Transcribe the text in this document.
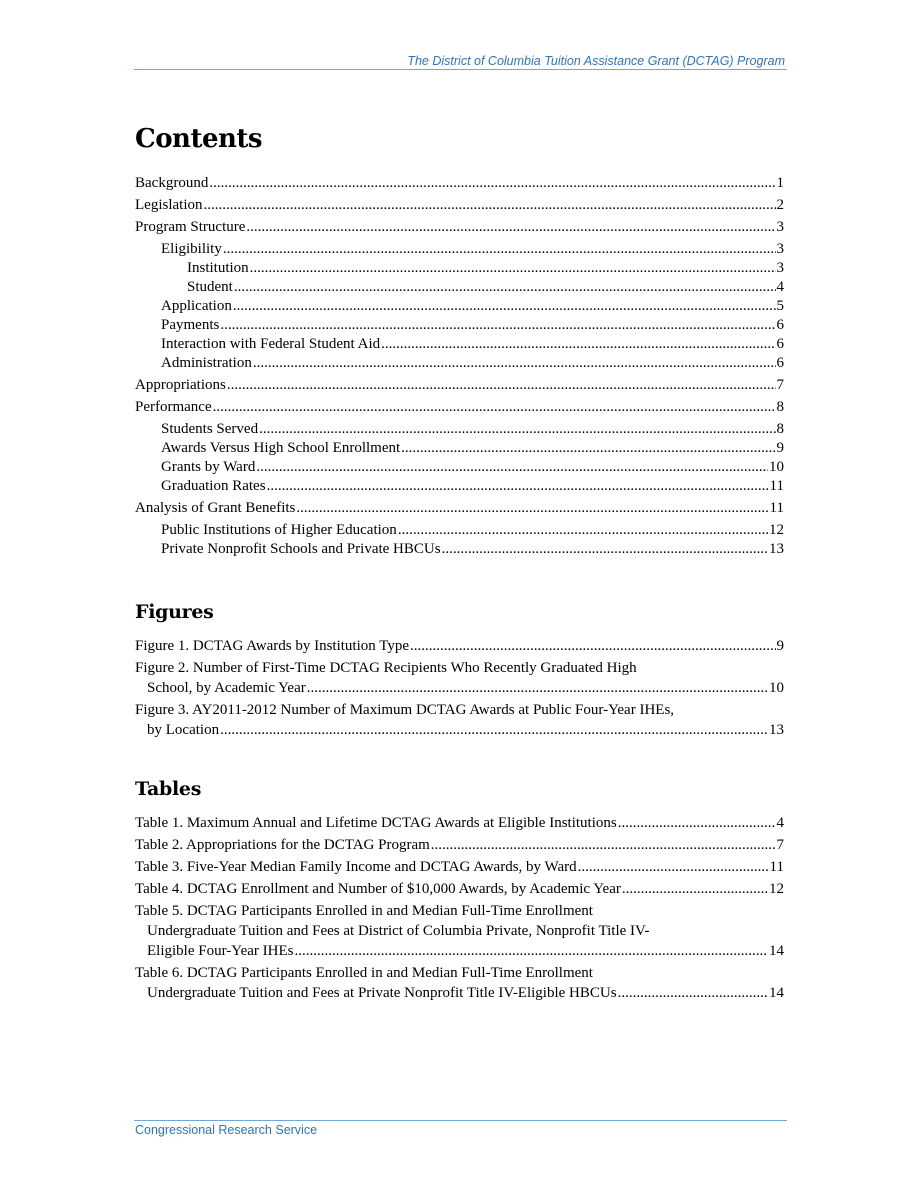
The District of Columbia Tuition Assistance Grant (DCTAG) Program
Contents
Background .....	1
Legislation .....	2
Program Structure .....	3
Eligibility .....	3
Institution .....	3
Student .....	4
Application .....	5
Payments .....	6
Interaction with Federal Student Aid .....	6
Administration .....	6
Appropriations .....	7
Performance .....	8
Students Served .....	8
Awards Versus High School Enrollment .....	9
Grants by Ward .....	10
Graduation Rates .....	11
Analysis of Grant Benefits .....	11
Public Institutions of Higher Education .....	12
Private Nonprofit Schools and Private HBCUs .....	13
Figures
Figure 1. DCTAG Awards by Institution Type .....	9
Figure 2. Number of First-Time DCTAG Recipients Who Recently Graduated High
School, by Academic Year .....	10
Figure 3. AY2011-2012 Number of Maximum DCTAG Awards at Public Four-Year IHEs,
by Location .....	13
Tables
Table 1. Maximum Annual and Lifetime DCTAG Awards at Eligible Institutions .....	4
Table 2. Appropriations for the DCTAG Program .....	7
Table 3. Five-Year Median Family Income and DCTAG Awards, by Ward .....	11
Table 4. DCTAG Enrollment and Number of $10,000 Awards, by Academic Year .....	12
Table 5. DCTAG Participants Enrolled in and Median Full-Time Enrollment
Undergraduate Tuition and Fees at District of Columbia Private, Nonprofit Title IV-
Eligible Four-Year IHEs .....	14
Table 6. DCTAG Participants Enrolled in and Median Full-Time Enrollment
Undergraduate Tuition and Fees at Private Nonprofit Title IV-Eligible HBCUs .....	14
Congressional Research Service
